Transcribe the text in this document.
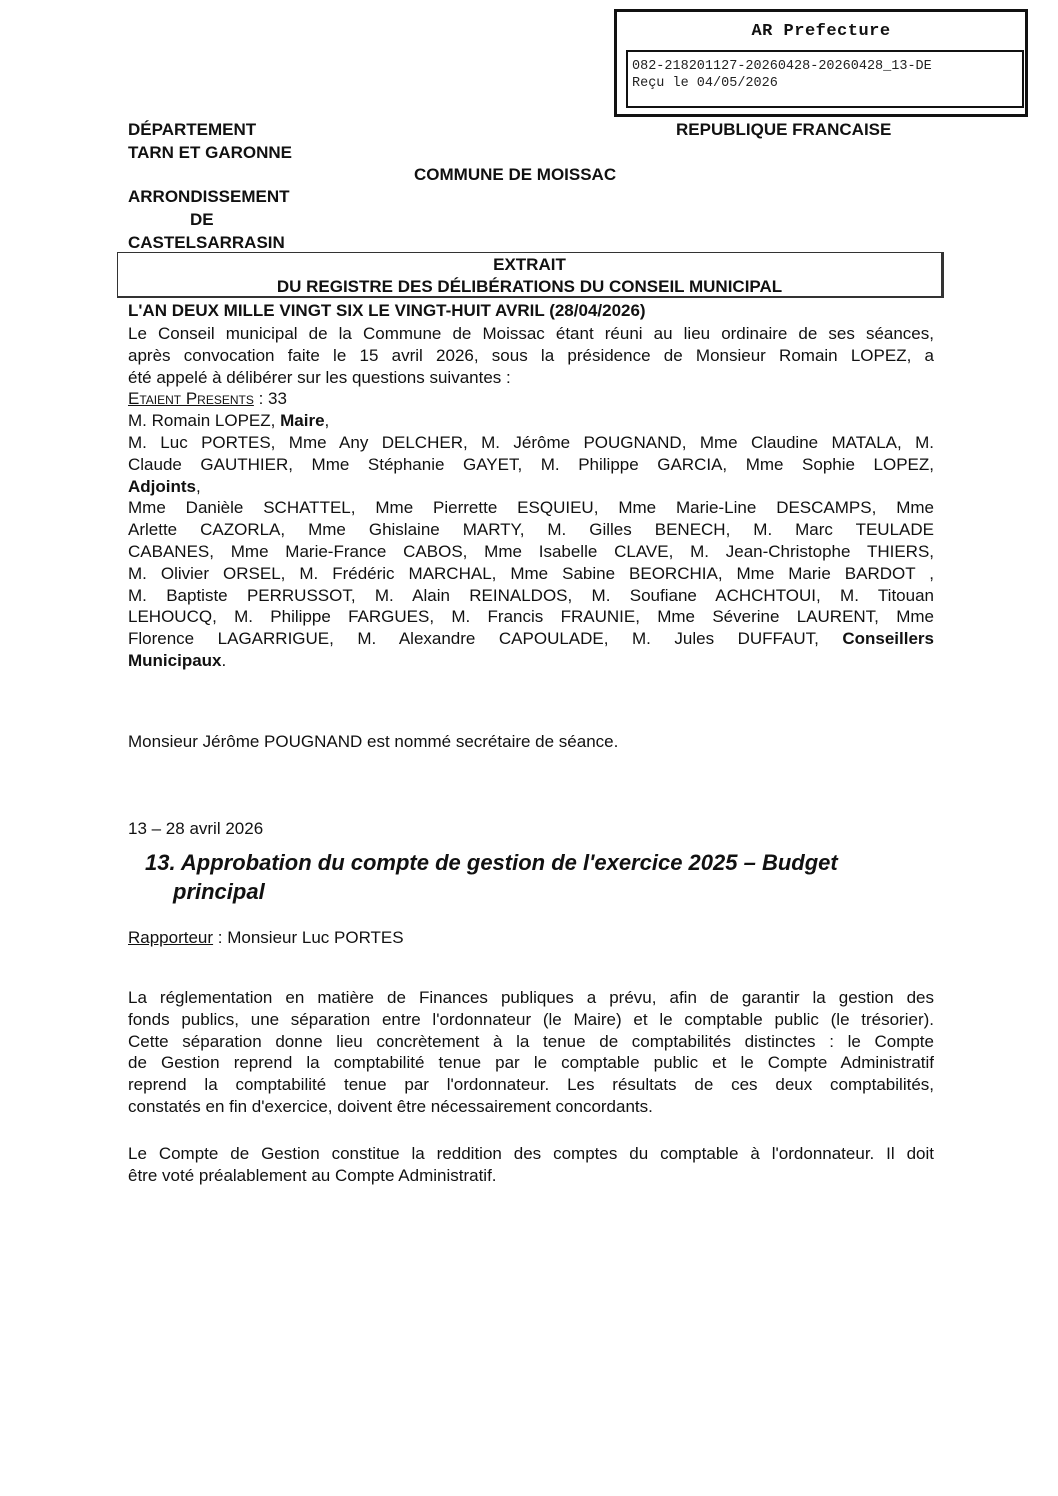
AR Prefecture
082-218201127-20260428-20260428_13-DE
Reçu le 04/05/2026
DÉPARTEMENT
TARN ET GARONNE
REPUBLIQUE FRANCAISE
COMMUNE DE MOISSAC
ARRONDISSEMENT
DE
CASTELSARRASIN
EXTRAIT
DU REGISTRE DES DÉLIBÉRATIONS DU CONSEIL MUNICIPAL
L'AN DEUX MILLE VINGT SIX LE VINGT-HUIT AVRIL (28/04/2026)
Le Conseil municipal de la Commune de Moissac étant réuni au lieu ordinaire de ses séances,
après convocation faite le 15 avril 2026, sous la présidence de Monsieur Romain LOPEZ, a
été appelé à délibérer sur les questions suivantes :
Etaient Presents : 33
M. Romain LOPEZ, Maire,
M. Luc PORTES, Mme Any DELCHER, M. Jérôme POUGNAND, Mme Claudine MATALA, M.
Claude GAUTHIER, Mme Stéphanie GAYET, M. Philippe GARCIA, Mme Sophie LOPEZ,
Adjoints,
Mme Danièle SCHATTEL, Mme Pierrette ESQUIEU, Mme Marie-Line DESCAMPS, Mme
Arlette CAZORLA, Mme Ghislaine MARTY, M. Gilles BENECH, M. Marc TEULADE
CABANES, Mme Marie-France CABOS, Mme Isabelle CLAVE, M. Jean-Christophe THIERS,
M. Olivier ORSEL, M. Frédéric MARCHAL, Mme Sabine BEORCHIA, Mme Marie BARDOT ,
M. Baptiste PERRUSSOT, M. Alain REINALDOS, M. Soufiane ACHCHTOUI, M. Titouan
LEHOUCQ, M. Philippe FARGUES, M. Francis FRAUNIE, Mme Séverine LAURENT, Mme
Florence LAGARRIGUE, M. Alexandre CAPOULADE, M. Jules DUFFAUT, Conseillers
Municipaux.
Monsieur Jérôme POUGNAND est nommé secrétaire de séance.
13 – 28 avril 2026
13. Approbation du compte de gestion de l'exercice 2025 – Budget
principal
Rapporteur : Monsieur Luc PORTES
La réglementation en matière de Finances publiques a prévu, afin de garantir la gestion des
fonds publics, une séparation entre l'ordonnateur (le Maire) et le comptable public (le trésorier).
Cette séparation donne lieu concrètement à la tenue de comptabilités distinctes : le Compte
de Gestion reprend la comptabilité tenue par le comptable public et le Compte Administratif
reprend la comptabilité tenue par l'ordonnateur. Les résultats de ces deux comptabilités,
constatés en fin d'exercice, doivent être nécessairement concordants.
Le Compte de Gestion constitue la reddition des comptes du comptable à l'ordonnateur. Il doit
être voté préalablement au Compte Administratif.
